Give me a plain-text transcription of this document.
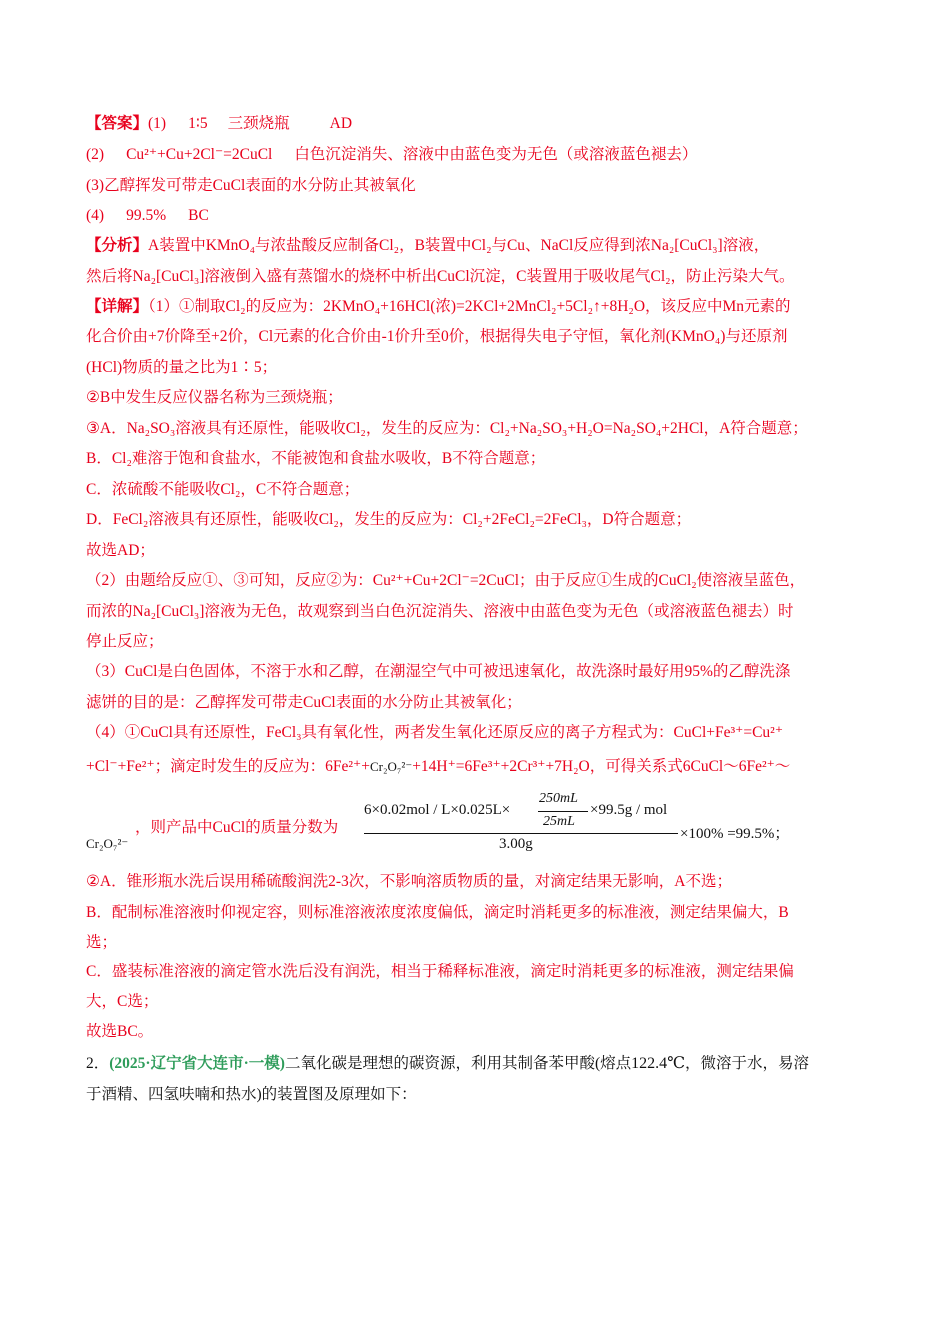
【答案】(1) 1∶5 三颈烧瓶	AD
(2) Cu²⁺+Cu+2Cl⁻=2CuCl 白色沉淀消失、溶液中由蓝色变为无色（或溶液蓝色褪去）
(3)乙醇挥发可带走CuCl表面的水分防止其被氧化
(4) 99.5% BC
【分析】A装置中KMnO₄与浓盐酸反应制备Cl₂，B装置中Cl₂与Cu、NaCl反应得到浓Na₂[CuCl₃]溶液，
然后将Na₂[CuCl₃]溶液倒入盛有蒸馏水的烧杯中析出CuCl沉淀，C装置用于吸收尾气Cl₂，防止污染大气。
【详解】（1）①制取Cl₂的反应为：2KMnO₄+16HCl(浓)=2KCl+2MnCl₂+5Cl₂↑+8H₂O，该反应中Mn元素的
化合价由+7价降至+2价，Cl元素的化合价由-1价升至0价，根据得失电子守恒，氧化剂(KMnO₄)与还原剂
(HCl)物质的量之比为1∶5；
②B中发生反应仪器名称为三颈烧瓶；
③A．Na₂SO₃溶液具有还原性，能吸收Cl₂，发生的反应为：Cl₂+Na₂SO₃+H₂O=Na₂SO₄+2HCl，A符合题意；
B．Cl₂难溶于饱和食盐水，不能被饱和食盐水吸收，B不符合题意；
C．浓硫酸不能吸收Cl₂，C不符合题意；
D．FeCl₂溶液具有还原性，能吸收Cl₂，发生的反应为：Cl₂+2FeCl₂=2FeCl₃，D符合题意；
故选AD；
（2）由题给反应①、③可知，反应②为：Cu²⁺+Cu+2Cl⁻=2CuCl；由于反应①生成的CuCl₂使溶液呈蓝色，
而浓的Na₂[CuCl₃]溶液为无色，故观察到当白色沉淀消失、溶液中由蓝色变为无色（或溶液蓝色褪去）时
停止反应；
（3）CuCl是白色固体，不溶于水和乙醇，在潮湿空气中可被迅速氧化，故洗涤时最好用95%的乙醇洗涤
滤饼的目的是：乙醇挥发可带走CuCl表面的水分防止其被氧化；
（4）①CuCl具有还原性，FeCl₃具有氧化性，两者发生氧化还原反应的离子方程式为：CuCl+Fe³⁺=Cu²⁺
+Cl⁻+Fe²⁺；滴定时发生的反应为：6Fe²⁺+Cr₂O₇²⁻+14H⁺=6Fe³⁺+2Cr³⁺+7H₂O，可得关系式6CuCl～6Fe²⁺～
Cr₂O₇²⁻
，则产品中CuCl的质量分数为
6×0.02mol / L×0.025L×
250mL
25mL
×99.5g / mol
3.00g
×100% =99.5%；
②A．锥形瓶水洗后误用稀硫酸润洗2-3次，不影响溶质物质的量，对滴定结果无影响，A不选；
B．配制标准溶液时仰视定容，则标准溶液浓度浓度偏低，滴定时消耗更多的标准液，测定结果偏大，B
选；
C．盛装标准溶液的滴定管水洗后没有润洗，相当于稀释标准液，滴定时消耗更多的标准液，测定结果偏
大，C选；
故选BC。
2．(2025·辽宁省大连市·一模)二氧化碳是理想的碳资源，利用其制备苯甲酸(熔点122.4℃，微溶于水，易溶
于酒精、四氢呋喃和热水)的装置图及原理如下：
